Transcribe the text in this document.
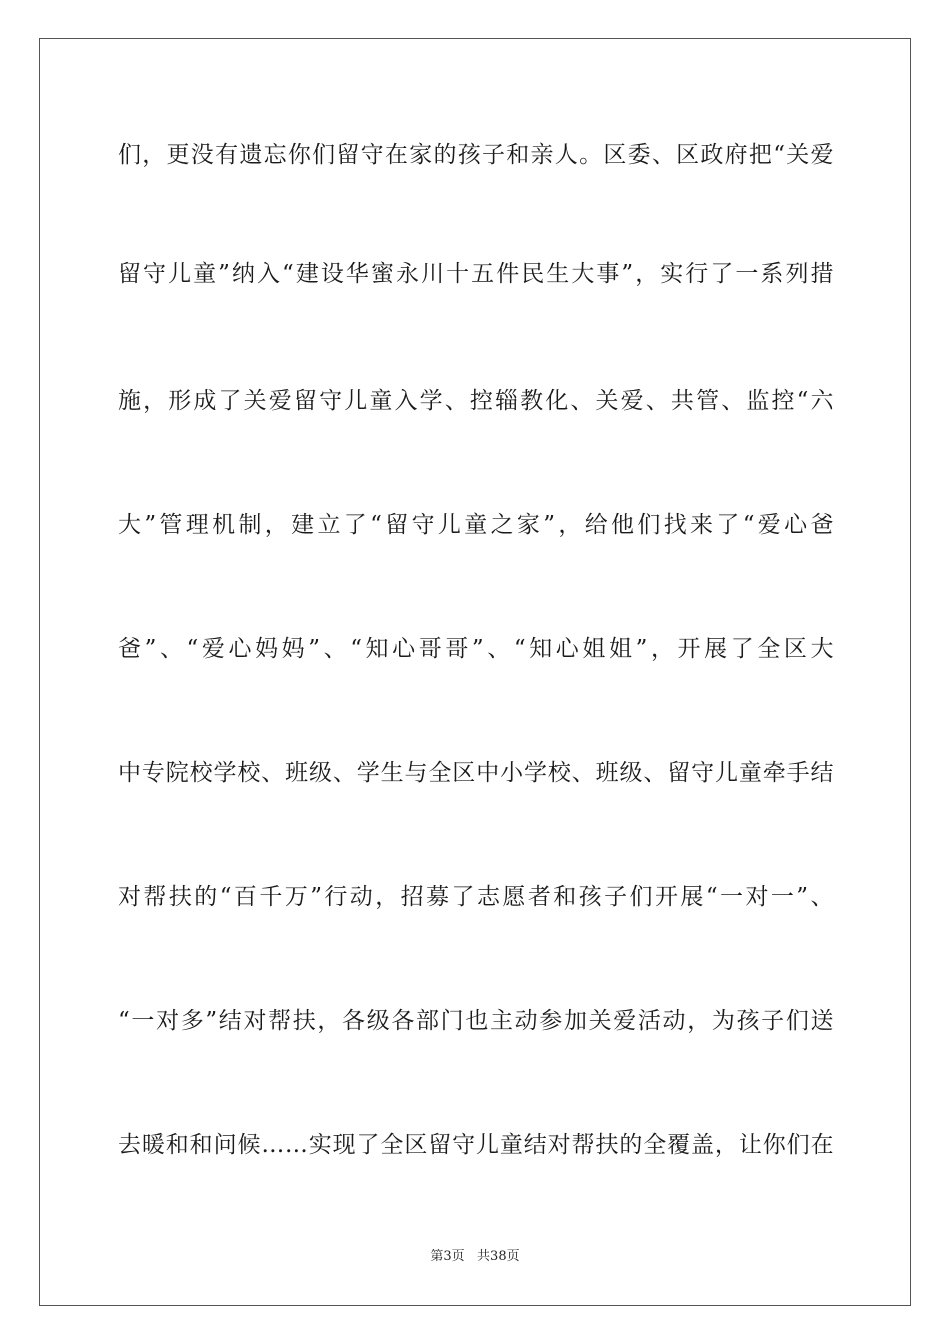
们，更没有遗忘你们留守在家的孩子和亲人。区委、区政府把“关爱
留守儿童”纳入“建设华蜜永川十五件民生大事”，实行了一系列措
施，形成了关爱留守儿童入学、控辎教化、关爱、共管、监控“六
大”管理机制，建立了“留守儿童之家”，给他们找来了“爱心爸
爸”、“爱心妈妈”、“知心哥哥”、“知心姐姐”，开展了全区大
中专院校学校、班级、学生与全区中小学校、班级、留守儿童牵手结
对帮扶的“百千万”行动，招募了志愿者和孩子们开展“一对一”、
“一对多”结对帮扶，各级各部门也主动参加关爱活动，为孩子们送
去暖和和问候……实现了全区留守儿童结对帮扶的全覆盖，让你们在
第3页   共38页
